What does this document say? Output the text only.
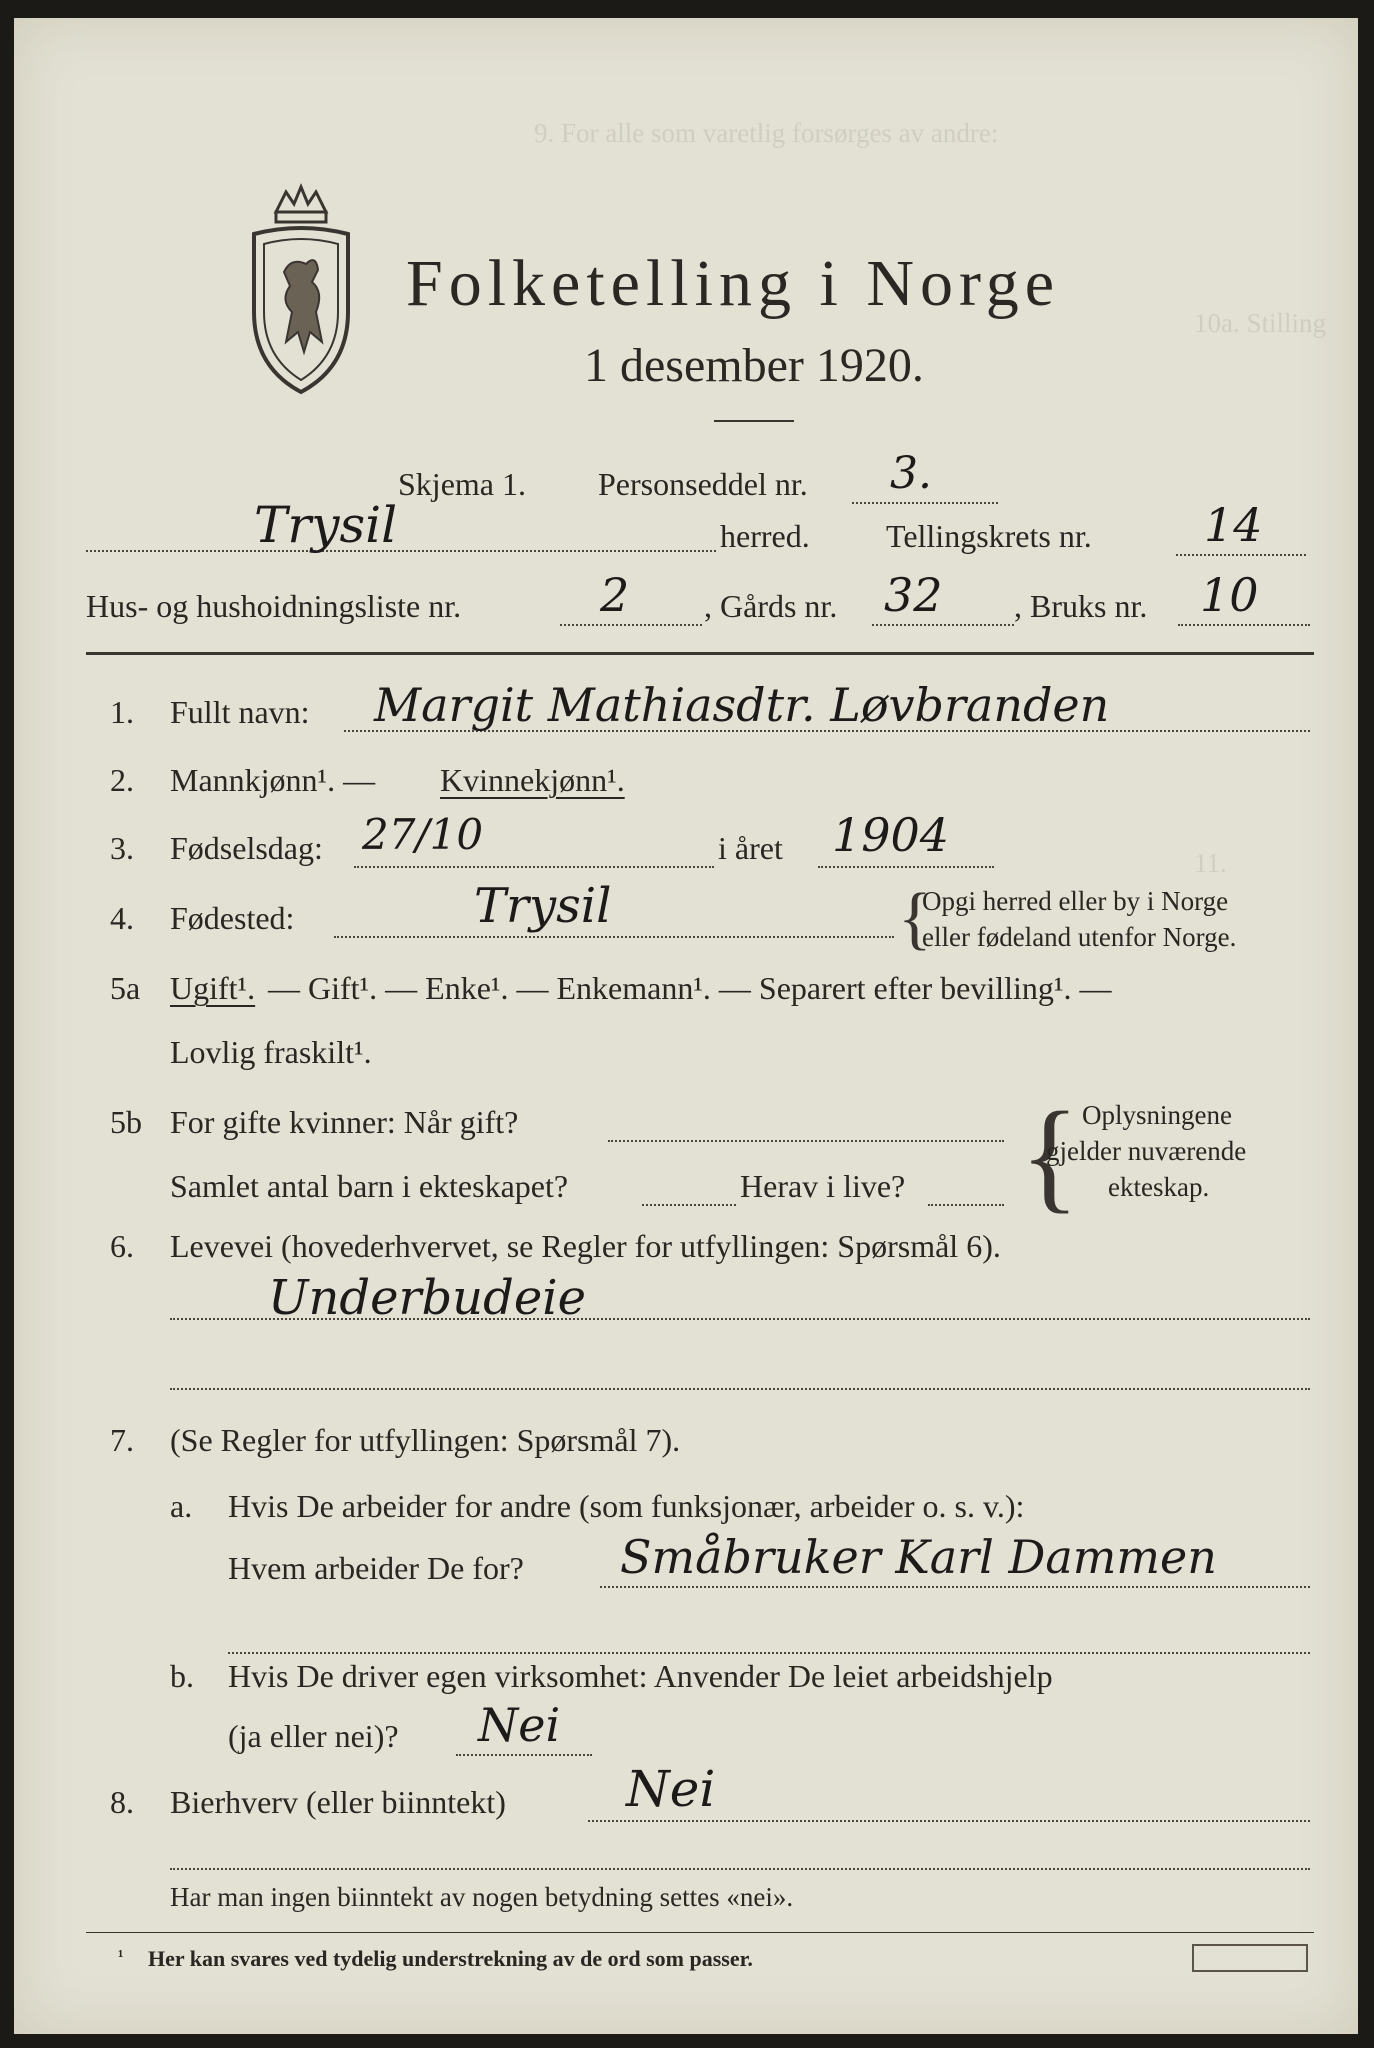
9. For alle som varetlig forsørges av andre:
10a. Stilling
11.
Folketelling i Norge
1 desember 1920.
Skjema 1. Personseddel nr. 3.
Trysil	herred. Tellingskrets nr. 14
Hus- og hushoidningsliste nr.	2 , Gårds nr. 32 , Bruks nr. 10
1. Fullt navn: Margit Mathiasdtr. Løvbranden
2. Mannkjønn¹. — Kvinnekjønn¹.
3. Fødselsdag: 27/10	i året 1904
4. Fødested:	Trysil	{
Opgi herred eller by i Norge
eller fødeland utenfor Norge.
5a Ugift¹. — Gift¹. — Enke¹. — Enkemann¹. — Separert efter bevilling¹. —
Lovlig fraskilt¹.
5b For gifte kvinner: Når gift?
Samlet antal barn i ekteskapet?	Herav i live? { Oplysningene
gjelder nuværende
ekteskap.
6. Levevei (hovederhvervet, se Regler for utfyllingen: Spørsmål 6).
Underbudeie
7. (Se Regler for utfyllingen: Spørsmål 7).
a. Hvis De arbeider for andre (som funksjonær, arbeider o. s. v.):
Hvem arbeider De for? Småbruker Karl Dammen
b. Hvis De driver egen virksomhet: Anvender De leiet arbeidshjelp
(ja eller nei)? Nei
8. Bierhverv (eller biinntekt) Nei
Har man ingen biinntekt av nogen betydning settes «nei».
¹ Her kan svares ved tydelig understrekning av de ord som passer.
